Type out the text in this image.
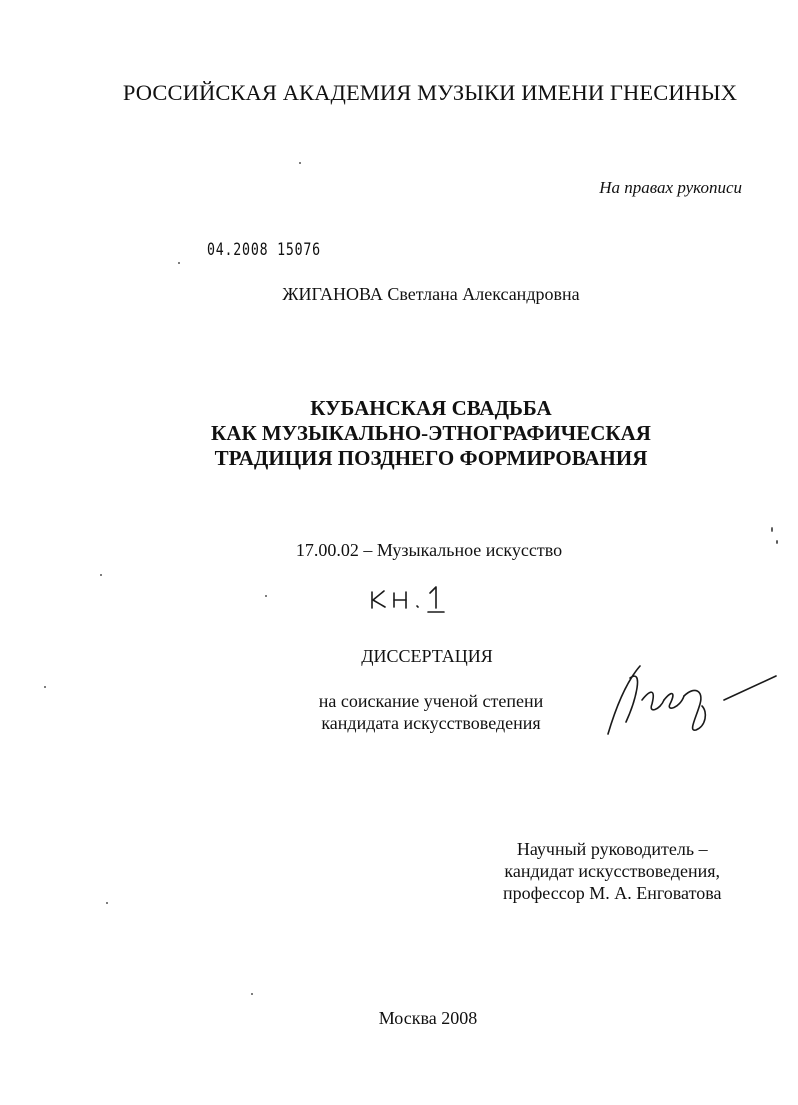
РОССИЙСКАЯ АКАДЕМИЯ МУЗЫКИ ИМЕНИ ГНЕСИНЫХ
На правах рукописи
04.2008 15076
ЖИГАНОВА Светлана Александровна
КУБАНСКАЯ СВАДЬБА
КАК МУЗЫКАЛЬНО-ЭТНОГРАФИЧЕСКАЯ
ТРАДИЦИЯ ПОЗДНЕГО ФОРМИРОВАНИЯ
17.00.02 – Музыкальное искусство
ДИССЕРТАЦИЯ
на соискание ученой степени
кандидата искусствоведения
Научный руководитель –
кандидат искусствоведения,
профессор М. А. Енговатова
Москва 2008
